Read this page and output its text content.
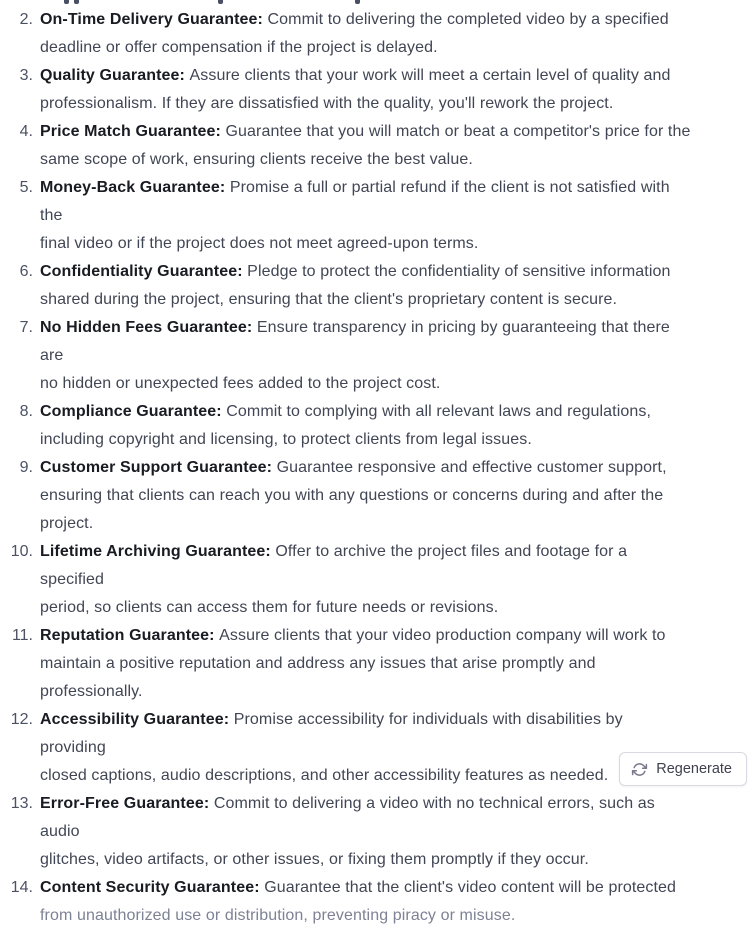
2. On-Time Delivery Guarantee: Commit to delivering the completed video by a specified
deadline or offer compensation if the project is delayed.
3. Quality Guarantee: Assure clients that your work will meet a certain level of quality and
professionalism. If they are dissatisfied with the quality, you'll rework the project.
4. Price Match Guarantee: Guarantee that you will match or beat a competitor's price for the
same scope of work, ensuring clients receive the best value.
5. Money-Back Guarantee: Promise a full or partial refund if the client is not satisfied with the
final video or if the project does not meet agreed-upon terms.
6. Confidentiality Guarantee: Pledge to protect the confidentiality of sensitive information
shared during the project, ensuring that the client's proprietary content is secure.
7. No Hidden Fees Guarantee: Ensure transparency in pricing by guaranteeing that there are
no hidden or unexpected fees added to the project cost.
8. Compliance Guarantee: Commit to complying with all relevant laws and regulations,
including copyright and licensing, to protect clients from legal issues.
9. Customer Support Guarantee: Guarantee responsive and effective customer support,
ensuring that clients can reach you with any questions or concerns during and after the
project.
10. Lifetime Archiving Guarantee: Offer to archive the project files and footage for a specified
period, so clients can access them for future needs or revisions.
11. Reputation Guarantee: Assure clients that your video production company will work to
maintain a positive reputation and address any issues that arise promptly and
professionally.
12. Accessibility Guarantee: Promise accessibility for individuals with disabilities by providing
closed captions, audio descriptions, and other accessibility features as needed.
13. Error-Free Guarantee: Commit to delivering a video with no technical errors, such as audio
glitches, video artifacts, or other issues, or fixing them promptly if they occur.
14. Content Security Guarantee: Guarantee that the client's video content will be protected
from unauthorized use or distribution, preventing piracy or misuse.
Regenerate
